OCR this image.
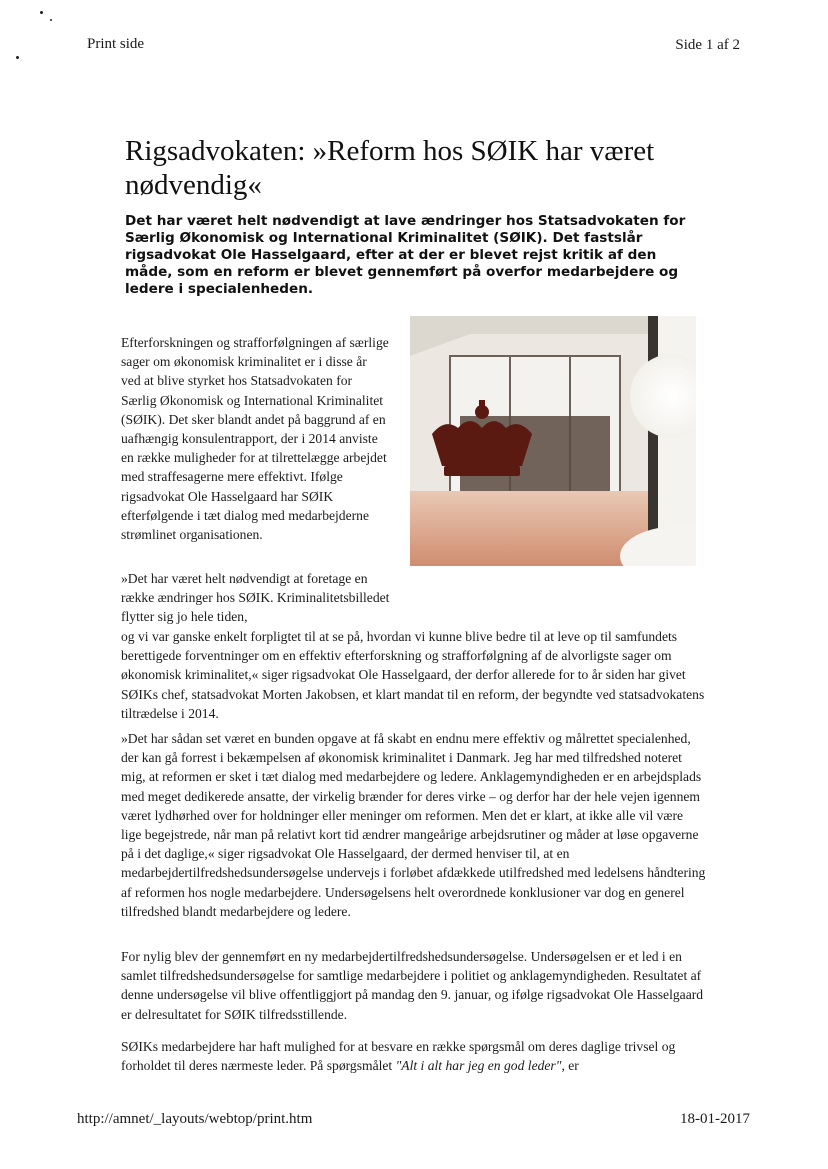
Print side	Side 1 af 2
Rigsadvokaten: »Reform hos SØIK har været nødvendig«

Det har været helt nødvendigt at lave ændringer hos Statsadvokaten for Særlig Økonomisk og International Kriminalitet (SØIK). Det fastslår rigsadvokat Ole Hasselgaard, efter at der er blevet rejst kritik af den måde, som en reform er blevet gennemført på overfor medarbejdere og ledere i specialenheden.

Efterforskningen og strafforfølgningen af særlige sager om økonomisk kriminalitet er i disse år ved at blive styrket hos Statsadvokaten for Særlig Økonomisk og International Kriminalitet (SØIK). Det sker blandt andet på baggrund af en uafhængig konsulentrapport, der i 2014 anviste en række muligheder for at tilrettelægge arbejdet med straffesagerne mere effektivt. Ifølge rigsadvokat Ole Hasselgaard har SØIK efterfølgende i tæt dialog med medarbejderne strømlinet organisationen.

»Det har været helt nødvendigt at foretage en række ændringer hos SØIK. Kriminalitetsbilledet flytter sig jo hele tiden,

og vi var ganske enkelt forpligtet til at se på, hvordan vi kunne blive bedre til at leve op til samfundets berettigede forventninger om en effektiv efterforskning og strafforfølgning af de alvorligste sager om økonomisk kriminalitet,« siger rigsadvokat Ole Hasselgaard, der derfor allerede for to år siden har givet SØIKs chef, statsadvokat Morten Jakobsen, et klart mandat til en reform, der begyndte ved statsadvokatens tiltrædelse i 2014.

»Det har sådan set været en bunden opgave at få skabt en endnu mere effektiv og målrettet specialenhed, der kan gå forrest i bekæmpelsen af økonomisk kriminalitet i Danmark. Jeg har med tilfredshed noteret mig, at reformen er sket i tæt dialog med medarbejdere og ledere. Anklagemyndigheden er en arbejdsplads med meget dedikerede ansatte, der virkelig brænder for deres virke – og derfor har der hele vejen igennem været lydhørhed over for holdninger eller meninger om reformen. Men det er klart, at ikke alle vil være lige begejstrede, når man på relativt kort tid ændrer mangeårige arbejdsrutiner og måder at løse opgaverne på i det daglige,« siger rigsadvokat Ole Hasselgaard, der dermed henviser til, at en medarbejdertilfredshedsundersøgelse undervejs i forløbet afdækkede utilfredshed med ledelsens håndtering af reformen hos nogle medarbejdere. Undersøgelsens helt overordnede konklusioner var dog en generel tilfredshed blandt medarbejdere og ledere.

For nylig blev der gennemført en ny medarbejdertilfredshedsundersøgelse. Undersøgelsen er et led i en samlet tilfredshedsundersøgelse for samtlige medarbejdere i politiet og anklagemyndigheden. Resultatet af denne undersøgelse vil blive offentliggjort på mandag den 9. januar, og ifølge rigsadvokat Ole Hasselgaard er delresultatet for SØIK tilfredsstillende.

SØIKs medarbejdere har haft mulighed for at besvare en række spørgsmål om deres daglige trivsel og forholdet til deres nærmeste leder. På spørgsmålet "Alt i alt har jeg en god leder", er

http://amnet/_layouts/webtop/print.htm	18-01-2017
